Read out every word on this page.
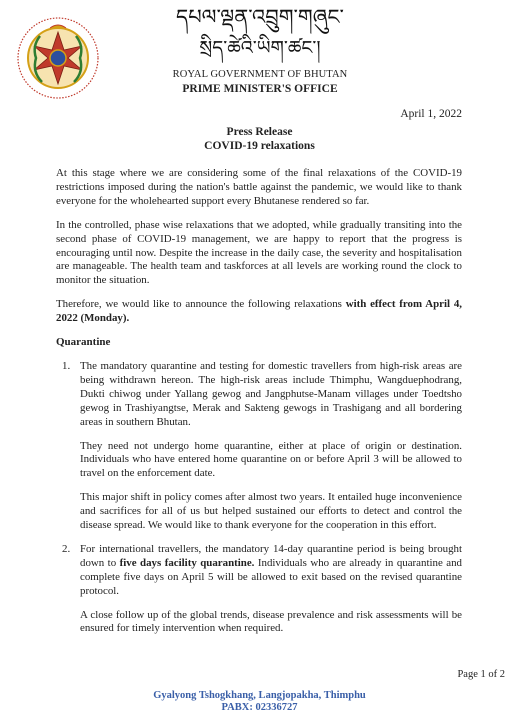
དཔལ་ལྡན་འབྲུག་གཞུང་
སྲིད་ཚེའི་ཡིག་ཚང་།
ROYAL GOVERNMENT OF BHUTAN
PRIME MINISTER'S OFFICE
April 1, 2022
Press Release
COVID-19 relaxations

At this stage where we are considering some of the final relaxations of the COVID-19 restrictions imposed during the nation's battle against the pandemic, we would like to thank everyone for the wholehearted support every Bhutanese rendered so far.

In the controlled, phase wise relaxations that we adopted, while gradually transiting into the second phase of COVID-19 management, we are happy to report that the progress is encouraging until now. Despite the increase in the daily case, the severity and hospitalisation are manageable. The health team and taskforces at all levels are working round the clock to monitor the situation.

Therefore, we would like to announce the following relaxations with effect from April 4, 2022 (Monday).

Quarantine
1. The mandatory quarantine and testing for domestic travellers from high-risk areas are being withdrawn hereon. The high-risk areas include Thimphu, Wangduephodrang, Dukti chiwog under Yallang gewog and Jangphutse-Manam villages under Toedtsho gewog in Trashiyangtse, Merak and Sakteng gewogs in Trashigang and all bordering areas in southern Bhutan.

They need not undergo home quarantine, either at place of origin or destination. Individuals who have entered home quarantine on or before April 3 will be allowed to travel on the enforcement date.

This major shift in policy comes after almost two years. It entailed huge inconvenience and sacrifices for all of us but helped sustained our efforts to detect and control the disease spread. We would like to thank everyone for the cooperation in this effort.

2. For international travellers, the mandatory 14-day quarantine period is being brought down to five days facility quarantine. Individuals who are already in quarantine and complete five days on April 5 will be allowed to exit based on the revised quarantine protocol.

A close follow up of the global trends, disease prevalence and risk assessments will be ensured for timely intervention when required.

Page 1 of 2
Gyalyong Tshogkhang, Langjopakha, Thimphu
PABX: 02336727
